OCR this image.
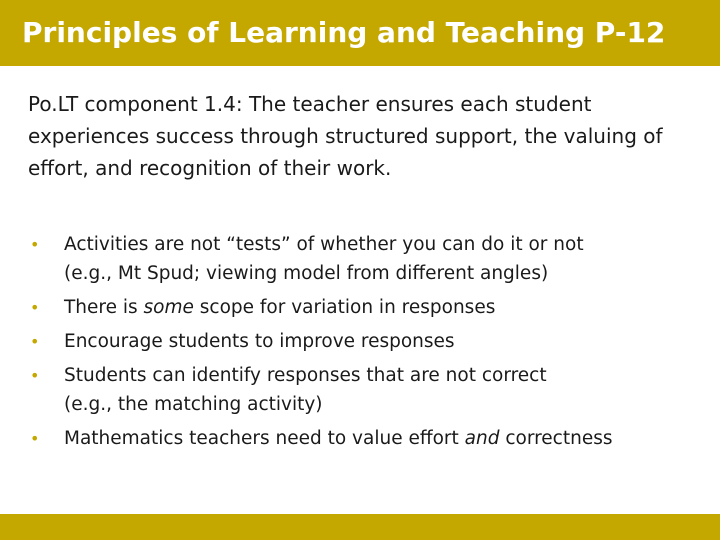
Principles of Learning and Teaching P-12
Po.LT component 1.4: The teacher ensures each student experiences success through structured support, the valuing of effort, and recognition of their work.
•	Activities are not “tests” of whether you can do it or not
(e.g., Mt Spud; viewing model from different angles)
•	There is some scope for variation in responses
•	Encourage students to improve responses
•	Students can identify responses that are not correct
(e.g., the matching activity)
•	Mathematics teachers need to value effort and correctness
